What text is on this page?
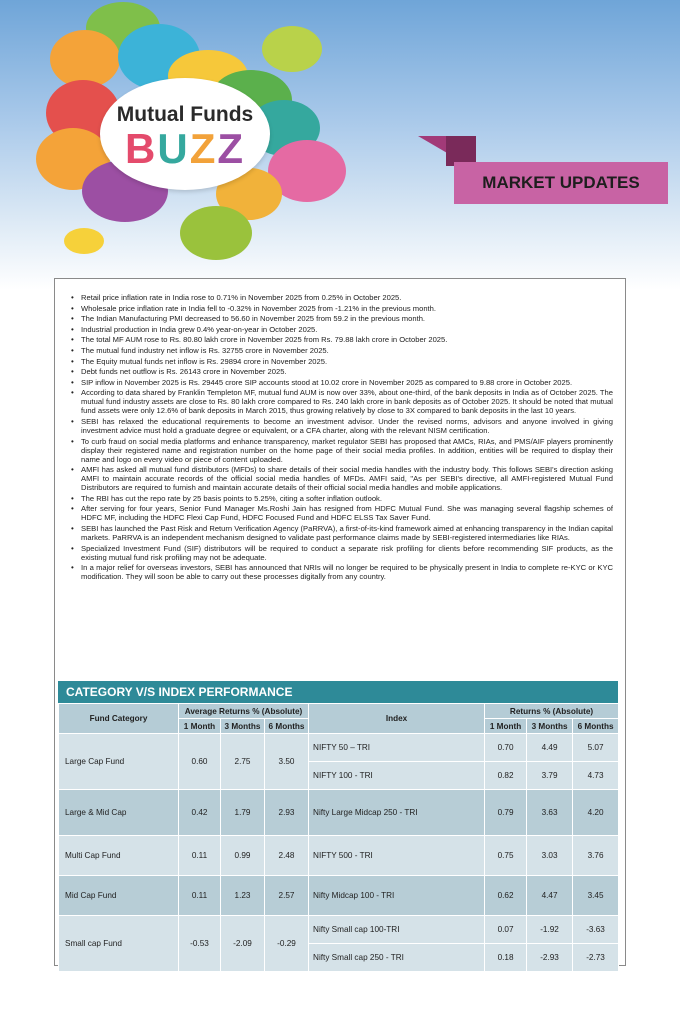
Mutual Funds
BUZZ
MARKET UPDATES
• Retail price inflation rate in India rose to 0.71% in November 2025 from 0.25% in October 2025.
• Wholesale price inflation rate in India fell to -0.32% in November 2025 from -1.21% in the previous month.
• The Indian Manufacturing PMI decreased to 56.60 in November 2025 from 59.2 in the previous month.
• Industrial production in India grew 0.4% year-on-year in October 2025.
• The total MF AUM rose to Rs. 80.80 lakh crore in November 2025 from Rs. 79.88 lakh crore in October 2025.
• The mutual fund industry net inflow is Rs. 32755 crore in November 2025.
• The Equity mutual funds net inflow is Rs. 29894 crore in November 2025.
• Debt funds net outflow is Rs. 26143 crore in November 2025.
• SIP inflow in November 2025 is Rs. 29445 crore SIP accounts stood at 10.02 crore in November 2025 as compared to 9.88 crore in October 2025.
• According to data shared by Franklin Templeton MF, mutual fund AUM is now over 33%, about one-third, of the bank deposits in India as of October 2025. The mutual fund industry assets are close to Rs. 80 lakh crore compared to Rs. 240 lakh crore in bank deposits as of October 2025. It should be noted that mutual fund assets were only 12.6% of bank deposits in March 2015, thus growing relatively by close to 3X compared to bank deposits in the last 10 years.
• SEBI has relaxed the educational requirements to become an investment advisor. Under the revised norms, advisors and anyone involved in giving investment advice must hold a graduate degree or equivalent, or a CFA charter, along with the relevant NISM certification.
• To curb fraud on social media platforms and enhance transparency, market regulator SEBI has proposed that AMCs, RIAs, and PMS/AIF players prominently display their registered name and registration number on the home page of their social media profiles. In addition, entities will be required to display their name and logo on every video or piece of content uploaded.
• AMFI has asked all mutual fund distributors (MFDs) to share details of their social media handles with the industry body. This follows SEBI's direction asking AMFI to maintain accurate records of the official social media handles of MFDs. AMFI said, "As per SEBI's directive, all AMFI-registered Mutual Fund Distributors are required to furnish and maintain accurate details of their official social media handles and mobile applications.
• The RBI has cut the repo rate by 25 basis points to 5.25%, citing a softer inflation outlook.
• After serving for four years, Senior Fund Manager Ms.Roshi Jain has resigned from HDFC Mutual Fund. She was managing several flagship schemes of HDFC MF, including the HDFC Flexi Cap Fund, HDFC Focused Fund and HDFC ELSS Tax Saver Fund.
• SEBI has launched the Past Risk and Return Verification Agency (PaRRVA), a first-of-its-kind framework aimed at enhancing transparency in the Indian capital markets. PaRRVA is an independent mechanism designed to validate past performance claims made by SEBI-registered intermediaries like RIAs.
• Specialized Investment Fund (SIF) distributors will be required to conduct a separate risk profiling for clients before recommending SIF products, as the existing mutual fund risk profiling may not be adequate.
• In a major relief for overseas investors, SEBI has announced that NRIs will no longer be required to be physically present in India to complete re-KYC or KYC modification. They will soon be able to carry out these processes digitally from any country.
CATEGORY V/S INDEX PERFORMANCE
Fund Category	Average Returns % (Absolute)			Index	Returns % (Absolute)		
	1 Month	3 Months	6 Months		1 Month	3 Months	6 Months
Large Cap Fund	0.60	2.75	3.50	NIFTY 50 – TRI	0.70	4.49	5.07
				NIFTY 100 - TRI	0.82	3.79	4.73
Large & Mid Cap	0.42	1.79	2.93	Nifty Large Midcap 250 - TRI	0.79	3.63	4.20
Multi Cap Fund	0.11	0.99	2.48	NIFTY 500 - TRI	0.75	3.03	3.76
Mid Cap Fund	0.11	1.23	2.57	Nifty Midcap 100 - TRI	0.62	4.47	3.45
Small cap Fund	-0.53	-2.09	-0.29	Nifty Small cap 100-TRI	0.07	-1.92	-3.63
				Nifty Small cap 250 - TRI	0.18	-2.93	-2.73
